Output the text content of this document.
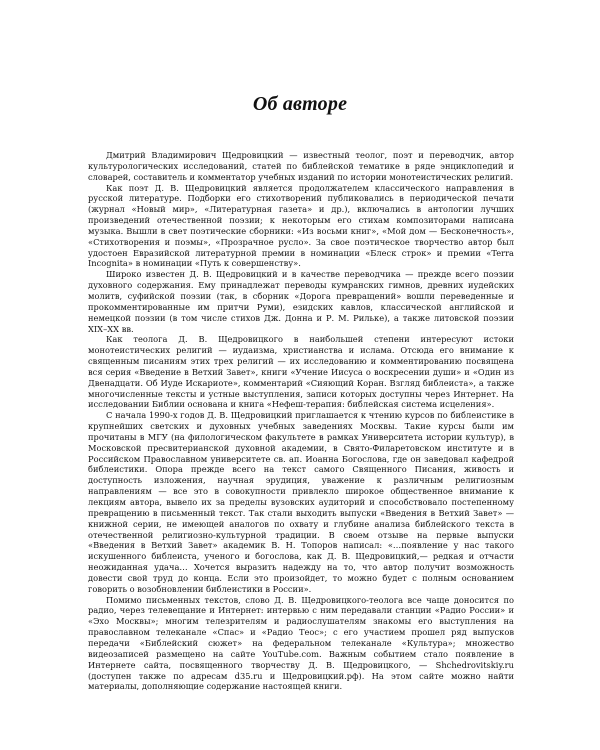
Об авторе

Дмитрий Владимирович Щедровицкий — известный теолог, поэт и переводчик, автор культурологических исследований, статей по библейской тематике в ряде энциклопедий и словарей, составитель и комментатор учебных изданий по истории монотеистических религий.

Как поэт Д. В. Щедровицкий является продолжателем классического направления в русской литературе. Подборки его стихотворений публиковались в периодической печати (журнал «Новый мир», «Литературная газета» и др.), включались в антологии лучших произведений отечественной поэзии; к некоторым его стихам композиторами написана музыка. Вышли в свет поэтические сборники: «Из восьми книг», «Мой дом — Бесконечность», «Стихотворения и поэмы», «Прозрачное русло». За свое поэтическое творчество автор был удостоен Евразийской литературной премии в номинации «Блеск строк» и премии «Terra Incognita» в номинации «Путь к совершенству».

Широко известен Д. В. Щедровицкий и в качестве переводчика — прежде всего поэзии духовного содержания. Ему принадлежат переводы кумранских гимнов, древних иудейских молитв, суфийской поэзии (так, в сборник «Дорога превращений» вошли переведенные и прокомментированные им притчи Руми), езидских кавлов, классической английской и немецкой поэзии (в том числе стихов Дж. Донна и Р. М. Рильке), а также литовской поэзии XIX–XX вв.

Как теолога Д. В. Щедровицкого в наибольшей степени интересуют истоки монотеистических религий — иудаизма, христианства и ислама. Отсюда его внимание к священным писаниям этих трех религий — их исследованию и комментированию посвящена вся серия «Введение в Ветхий Завет», книги «Учение Иисуса о воскресении души» и «Один из Двенадцати. Об Иуде Искариоте», комментарий «Сияющий Коран. Взгляд библеиста», а также многочисленные тексты и устные выступления, записи которых доступны через Интернет. На исследовании Библии основана и книга «Нефеш-терапия: библейская система исцеления».

С начала 1990-х годов Д. В. Щедровицкий приглашается к чтению курсов по библеистике в крупнейших светских и духовных учебных заведениях Москвы. Такие курсы были им прочитаны в МГУ (на филологическом факультете в рамках Университета истории культур), в Московской пресвитерианской духовной академии, в Свято-Филаретовском институте и в Российском Православном университете св. ап. Иоанна Богослова, где он заведовал кафедрой библеистики. Опора прежде всего на текст самого Священного Писания, живость и доступность изложения, научная эрудиция, уважение к различным религиозным направлениям — все это в совокупности привлекло широкое общественное внимание к лекциям автора, вывело их за пределы вузовских аудиторий и способствовало постепенному превращению в письменный текст. Так стали выходить выпуски «Введения в Ветхий Завет» — книжной серии, не имеющей аналогов по охвату и глубине анализа библейского текста в отечественной религиозно-культурной традиции. В своем отзыве на первые выпуски «Введения в Ветхий Завет» академик В. Н. Топоров написал: «…появление у нас такого искушенного библеиста, ученого и богослова, как Д. В. Щедровицкий,— редкая и отчасти неожиданная удача… Хочется выразить надежду на то, что автор получит возможность довести свой труд до конца. Если это произойдет, то можно будет с полным основанием говорить о возобновлении библеистики в России».

Помимо письменных текстов, слово Д. В. Щедровицкого-теолога все чаще доносится по радио, через телевещание и Интернет: интервью с ним передавали станции «Радио России» и «Эхо Москвы»; многим телезрителям и радиослушателям знакомы его выступления на православном телеканале «Спас» и «Радио Теос»; с его участием прошел ряд выпусков передачи «Библейский сюжет» на федеральном телеканале «Культура»; множество видеозаписей размещено на сайте YouTube.com. Важным событием стало появление в Интернете сайта, посвященного творчеству Д. В. Щедровицкого, — Shchedrovitskiy.ru (доступен также по адресам d35.ru и Щедровицкий.рф). На этом сайте можно найти материалы, дополняющие содержание настоящей книги.
